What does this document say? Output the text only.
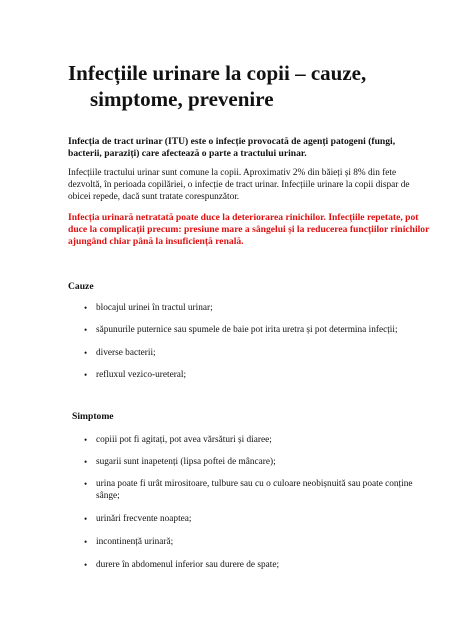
Infecțiile urinare la copii – cauze,
simptome, prevenire

Infecția de tract urinar (ITU) este o infecție provocată de agenți patogeni (fungi, bacterii, paraziți) care afectează o parte a tractului urinar.

Infecțiile tractului urinar sunt comune la copii. Aproximativ 2% din băieți și 8% din fete dezvoltă, în perioada copilăriei, o infecție de tract urinar. Infecțiile urinare la copii dispar de obicei repede, dacă sunt tratate corespunzător.

Infecția urinară netratată poate duce la deteriorarea rinichilor. Infecțiile repetate, pot duce la complicații precum: presiune mare a sângelui și la reducerea funcțiilor rinichilor ajungând chiar până la insuficiență renală.

Cauze
• blocajul urinei în tractul urinar;
• săpunurile puternice sau spumele de baie pot irita uretra și pot determina infecții;
• diverse bacterii;
• refluxul vezico-ureteral;
Simptome
• copiii pot fi agitați, pot avea vărsături și diaree;
• sugarii sunt inapetenți (lipsa poftei de mâncare);
• urina poate fi urât mirositoare, tulbure sau cu o culoare neobișnuită sau poate conține sânge;
• urinări frecvente noaptea;
• incontinență urinară;
• durere în abdomenul inferior sau durere de spate;
